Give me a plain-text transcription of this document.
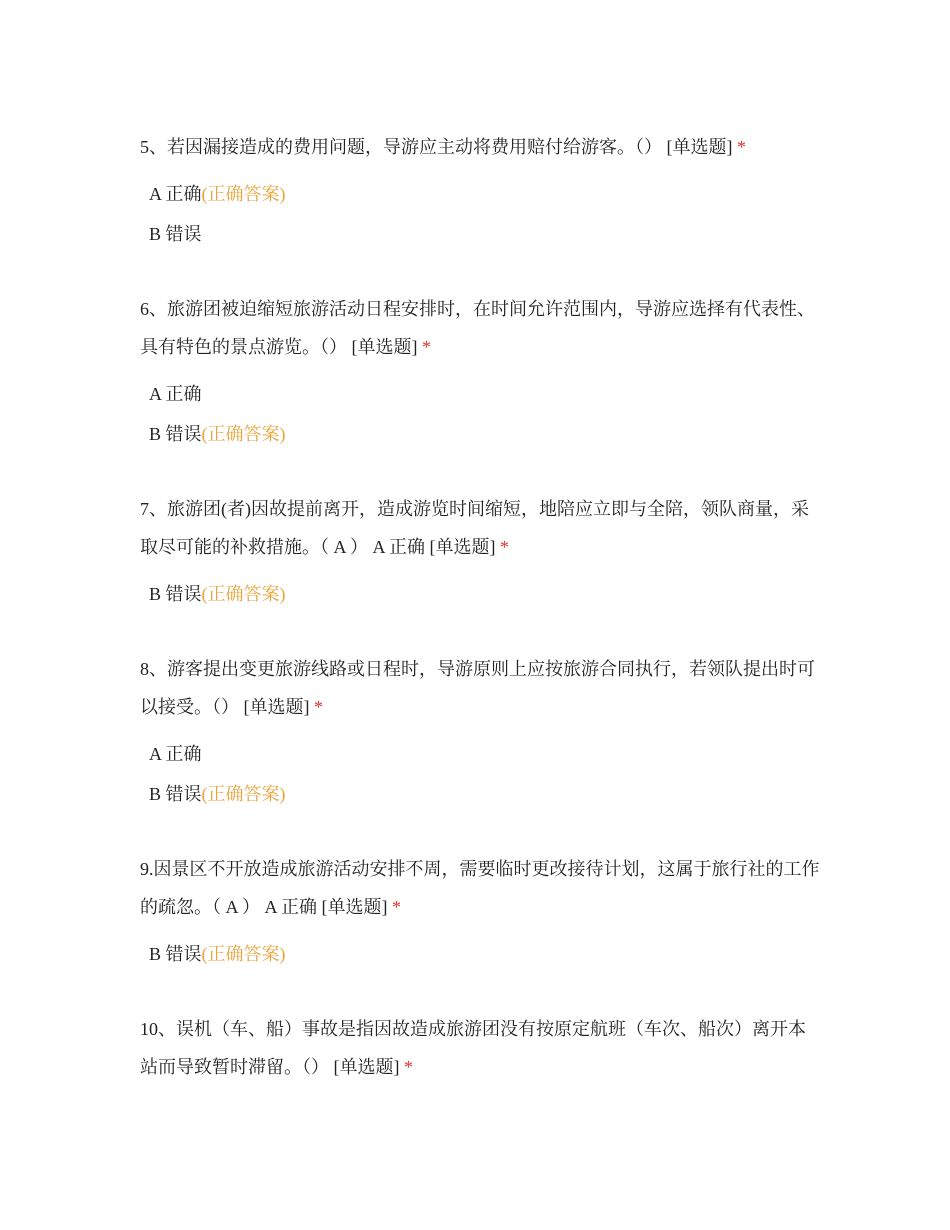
5、若因漏接造成的费用问题，导游应主动将费用赔付给游客。（） [单选题] *

A 正确(正确答案)
B 错误

6、旅游团被迫缩短旅游活动日程安排时，在时间允许范围内，导游应选择有代表性、具有特色的景点游览。（） [单选题] *

A 正确
B 错误(正确答案)

7、旅游团(者)因故提前离开，造成游览时间缩短，地陪应立即与全陪，领队商量，采取尽可能的补救措施。（ A ） A 正确 [单选题] *

B 错误(正确答案)

8、游客提出变更旅游线路或日程时，导游原则上应按旅游合同执行，若领队提出时可以接受。（） [单选题] *

A 正确
B 错误(正确答案)

9.因景区不开放造成旅游活动安排不周，需要临时更改接待计划，这属于旅行社的工作的疏忽。（ A ） A 正确 [单选题] *

B 错误(正确答案)

10、误机（车、船）事故是指因故造成旅游团没有按原定航班（车次、船次）离开本站而导致暂时滞留。（） [单选题] *
